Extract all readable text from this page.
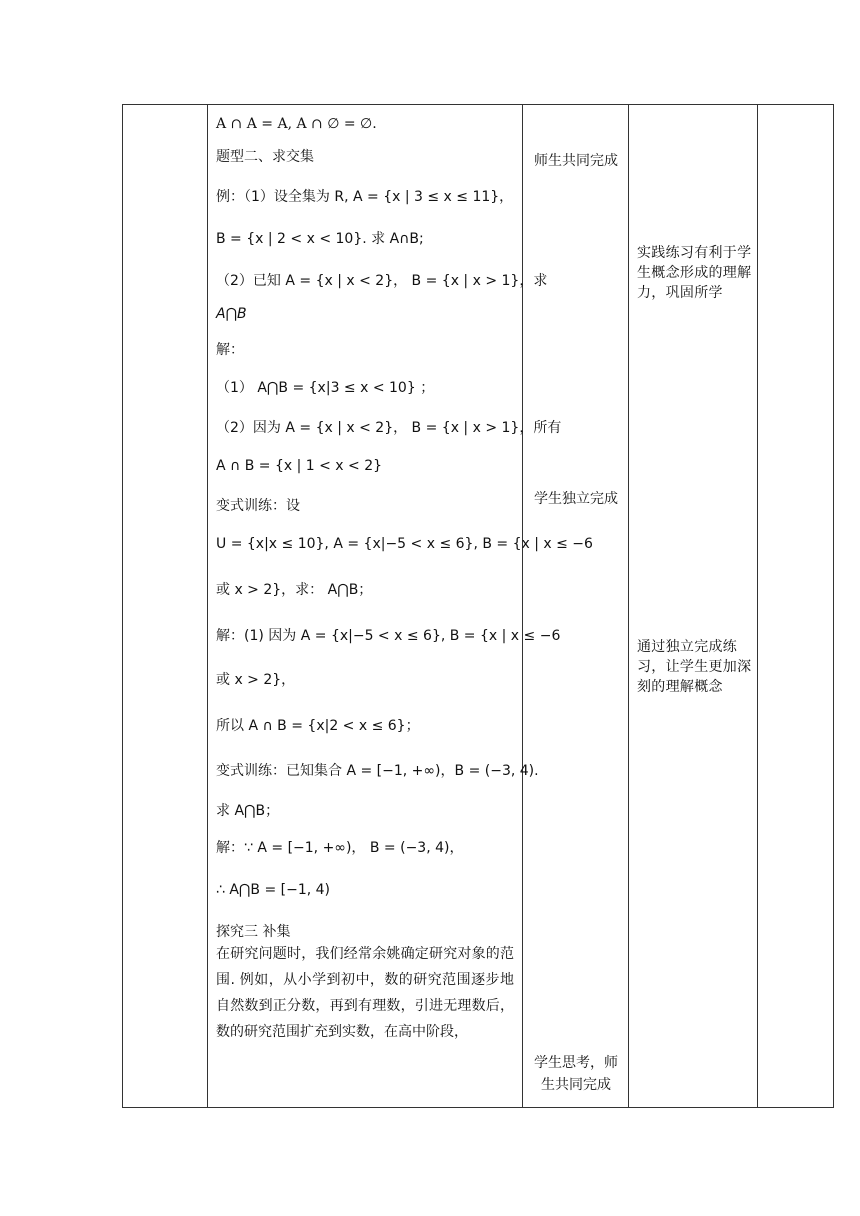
A ∩ A = A, A ∩ ∅ = ∅.
题型二、求交集
例：（1）设全集为 R, A = {x | 3 ≤ x ≤ 11}，
B = {x | 2 < x < 10}. 求 A∩B;
（2）已知 A = {x | x < 2}， B = {x | x > 1}，求
A⋂B
解：
（1） A⋂B = {x|3 ≤ x < 10} ；
（2）因为 A = {x | x < 2}， B = {x | x > 1}，所有
A ∩ B = {x | 1 < x < 2}
变式训练：设
U = {x|x ≤ 10}, A = {x|−5 < x ≤ 6}, B = {x | x ≤ −6
或 x > 2}，求： A⋂B；
解：(1) 因为 A = {x|−5 < x ≤ 6}, B = {x | x ≤ −6
或 x > 2}，
所以 A ∩ B = {x|2 < x ≤ 6}；
变式训练：已知集合 A = [−1, +∞)，B = (−3, 4).
求 A⋂B；
解：∵ A = [−1, +∞)， B = (−3, 4)，
∴ A⋂B = [−1, 4)
探究三 补集
在研究问题时，我们经常余姚确定研究对象的范围. 例如，从小学到初中，数的研究范围逐步地自然数到正分数，再到有理数，引进无理数后，数的研究范围扩充到实数，在高中阶段，
师生共同完成
学生独立完成
学生思考，师
生共同完成
实践练习有利于学生概念形成的理解力，巩固所学
通过独立完成练习，让学生更加深刻的理解概念
